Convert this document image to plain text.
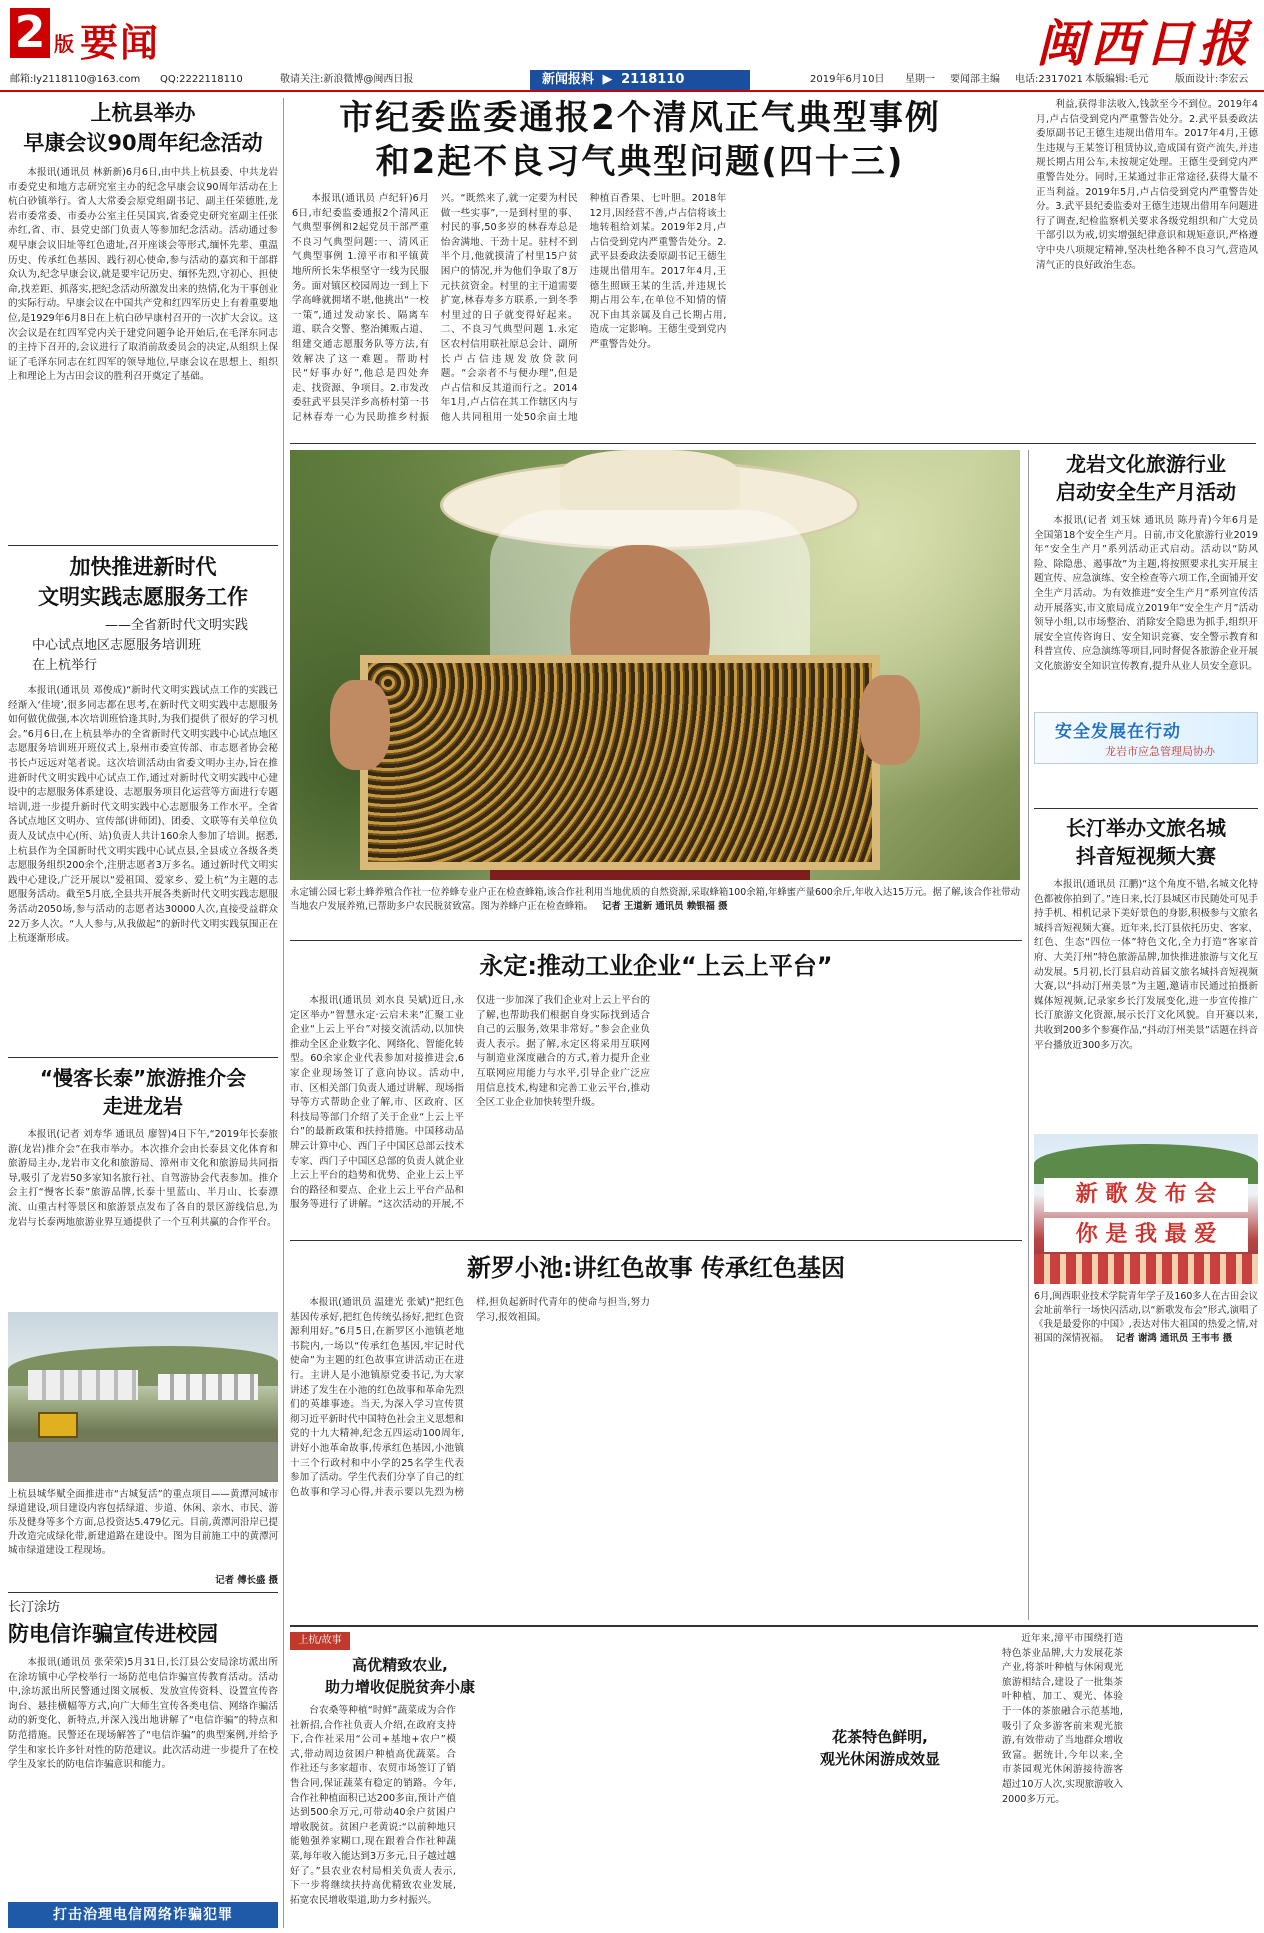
2 版 要闻	闽西日报
邮箱:ly2118110@163.com QQ:2222118110	敬请关注:新浪微博@闽西日报	新闻报料 ▶ 2118110	2019年6月10日 星期一 要闻部主编 电话:2317021 本版编辑:毛元	版面设计:李宏云
上杭县举办
早康会议90周年纪念活动

本报讯(通讯员 林新新)6月6日,由中共上杭县委、中共龙岩市委党史和地方志研究室主办的纪念早康会议90周年活动在上杭白砂镇举行。省人大常委会原党组副书记、副主任荣德胜,龙岩市委常委、市委办公室主任吴国宾,省委党史研究室副主任张赤红,省、市、县党史部门负责人等参加纪念活动。活动通过参观早康会议旧址等红色遗址,召开座谈会等形式,缅怀先辈、重温历史、传承红色基因、践行初心使命,参与活动的嘉宾和干部群众认为,纪念早康会议,就是要牢记历史、缅怀先烈,守初心、担使命,找差距、抓落实,把纪念活动所激发出来的热情,化为干事创业的实际行动。早康会议在中国共产党和红四军历史上有着重要地位,是1929年6月8日在上杭白砂早康村召开的一次扩大会议。这次会议是在红四军党内关于建党问题争论开始后,在毛泽东同志的主持下召开的,会议进行了取消前敌委员会的决定,从组织上保证了毛泽东同志在红四军的领导地位,早康会议在思想上、组织上和理论上为古田会议的胜利召开奠定了基础。

加快推进新时代
文明实践志愿服务工作
——全省新时代文明实践
中心试点地区志愿服务培训班
在上杭举行

本报讯(通讯员 邓俊成)“新时代文明实践试点工作的实践已经渐入‘佳境’,很多同志都在思考,在新时代文明实践中志愿服务如何做优做强,本次培训班恰逢其时,为我们提供了很好的学习机会。”6月6日,在上杭县举办的全省新时代文明实践中心试点地区志愿服务培训班开班仪式上,泉州市委宣传部、市志愿者协会秘书长卢远远对笔者说。这次培训活动由省委文明办主办,旨在推进新时代文明实践中心试点工作,通过对新时代文明实践中心建设中的志愿服务体系建设、志愿服务项目化运营等方面进行专题培训,进一步提升新时代文明实践中心志愿服务工作水平。全省各试点地区文明办、宣传部(讲师团)、团委、文联等有关单位负责人及试点中心(所、站)负责人共计160余人参加了培训。据悉,上杭县作为全国新时代文明实践中心试点县,全县成立各级各类志愿服务组织200余个,注册志愿者3万多名。通过新时代文明实践中心建设,广泛开展以“爱祖国、爱家乡、爱上杭”为主题的志愿服务活动。截至5月底,全县共开展各类新时代文明实践志愿服务活动2050场,参与活动的志愿者达30000人次,直接受益群众22万多人次。“人人参与,从我做起”的新时代文明实践氛围正在上杭逐渐形成。

“慢客长泰”旅游推介会
走进龙岩

本报讯(记者 刘寿华 通讯员 廖智)4日下午,“2019年长泰旅游(龙岩)推介会”在我市举办。本次推介会由长泰县文化体育和旅游局主办,龙岩市文化和旅游局、漳州市文化和旅游局共同指导,吸引了龙岩50多家知名旅行社、自驾游协会代表参加。推介会主打“慢客长泰”旅游品牌,长泰十里蓝山、半月山、长泰漂流、山重古村等景区和旅游景点发布了各自的景区游线信息,为龙岩与长泰两地旅游业界互通提供了一个互利共赢的合作平台。

上杭县城华赋全面推进市“古城复活”的重点项目——黄潭河城市绿道建设,项目建设内容包括绿道、步道、休闲、亲水、市民、游乐及健身等多个方面,总投资达5.479亿元。目前,黄潭河沿岸已提升改造完成绿化带,新建道路在建设中。图为目前施工中的黄潭河城市绿道建设工程现场。
记者 傅长盛 摄
长汀涂坊
防电信诈骗宣传进校园

本报讯(通讯员 张荣荣)5月31日,长汀县公安局涂坊派出所在涂坊镇中心学校举行一场防范电信诈骗宣传教育活动。活动中,涂坊派出所民警通过图文展板、发放宣传资料、设置宣传咨询台、悬挂横幅等方式,向广大师生宣传各类电信、网络诈骗活动的新变化、新特点,并深入浅出地讲解了“电信诈骗”的特点和防范措施。民警还在现场解答了“电信诈骗”的典型案例,并给予学生和家长许多针对性的防范建议。此次活动进一步提升了在校学生及家长的防电信诈骗意识和能力。

打击治理电信网络诈骗犯罪
市纪委监委通报2个清风正气典型事例
和2起不良习气典型问题(四十三)

本报讯(通讯员 卢纪轩)6月6日,市纪委监委通报2个清风正气典型事例和2起党员干部严重不良习气典型问题:一、清风正气典型事例 1.漳平市和平镇黄地所所长朱华根坚守一线为民服务。面对镇区校园周边一到上下学高峰就拥堵不堪,他挑出“一校一策”,通过发动家长、隔离车道、联合交警、整治摊贩占道、组建交通志愿服务队等方法,有效解决了这一难题。帮助村民“好事办好”,他总是四处奔走、找资源、争项目。2.市发改委驻武平县吴洋乡高桥村第一书记林春寿一心为民助推乡村振兴。“既然来了,就一定要为村民做一些实事”,一是到村里的事、村民的事,50多岁的林春寿总是怡舍满地、干劲十足。驻村不到半个月,他就摸清了村里15户贫困户的情况,并为他们争取了8万元扶贫资金。村里的主干道需要扩宽,林春寿多方联系,一到冬季村里过的日子就变得好起来。二、不良习气典型问题 1.永定区农村信用联社原总会计、副所长卢占信违规发放贷款问题。“会亲者不与便办理”,但是卢占信和反其道而行之。2014年1月,卢占信在其工作辖区内与他人共同租用一处50余亩土地种植百香果、七叶胆。2018年12月,因经营不善,卢占信将该土地转租给刘某。2019年2月,卢占信受到党内严重警告处分。2.武平县委政法委原副书记王德生违规出借用车。2017年4月,王德生照顾王某的生活,并违规长期占用公车,在单位不知情的情况下由其亲属及自己长期占用,造成一定影响。王德生受到党内严重警告处分。

利益,获得非法收入,钱款至今不到位。2019年4月,卢占信受到党内严重警告处分。2.武平县委政法委原副书记王德生违规出借用车。2017年4月,王德生违规与王某签订租赁协议,造成国有资产流失,并违规长期占用公车,未按规定处理。王德生受到党内严重警告处分。同时,王某通过非正常途径,获得大量不正当利益。2019年5月,卢占信受到党内严重警告处分。3.武平县纪委监委对王德生违规出借用车问题进行了调查,纪检监察机关要求各级党组织和广大党员干部引以为戒,切实增强纪律意识和规矩意识,严格遵守中央八项规定精神,坚决杜绝各种不良习气,营造风清气正的良好政治生态。

永定铺公园七彩土蜂养殖合作社一位养蜂专业户正在检查蜂箱,该合作社利用当地优质的自然资源,采取蜂箱100余箱,年蜂蜜产量600余斤,年收入达15万元。据了解,该合作社带动当地农户发展养殖,已帮助多户农民脱贫致富。图为养蜂户正在检查蜂箱。 记者 王道新 通讯员 赖银福 摄
龙岩文化旅游行业
启动安全生产月活动

本报讯(记者 刘玉妹 通讯员 陈丹青)今年6月是全国第18个安全生产月。日前,市文化旅游行业2019年“安全生产月”系列活动正式启动。活动以“防风险、除隐患、遏事故”为主题,将按照要求扎实开展主题宣传、应急演练、安全检查等六项工作,全面铺开安全生产月活动。为有效推进“安全生产月”系列宣传活动开展落实,市文旅局成立2019年“安全生产月”活动领导小组,以市场整治、消除安全隐患为抓手,组织开展安全宣传咨询日、安全知识竞赛、安全警示教育和科普宣传、应急演练等项目,同时督促各旅游企业开展文化旅游安全知识宣传教育,提升从业人员安全意识。

安全发展在行动
龙岩市应急管理局协办
长汀举办文旅名城
抖音短视频大赛

本报讯(通讯员 江鹏)“这个角度不错,名城文化特色都被你拍到了。”连日来,长汀县城区市民随处可见手持手机、相机记录下美好景色的身影,积极参与文旅名城抖音短视频大赛。近年来,长汀县依托历史、客家、红色、生态“四位一体”特色文化,全力打造“客家首府、大美汀州”特色旅游品牌,加快推进旅游与文化互动发展。5月初,长汀县启动首届文旅名城抖音短视频大赛,以“抖动汀州美景”为主题,邀请市民通过拍摄新媒体短视频,记录家乡长汀发展变化,进一步宣传推广长汀旅游文化资源,展示长汀文化风貌。自开赛以来,共收到200多个参赛作品,“抖动汀州美景”话题在抖音平台播放近300多万次。

新 歌 发 布 会
你 是 我 最 爱
6月,闽西职业技术学院青年学子及160多人在古田会议会址前举行一场快闪活动,以“新歌发布会”形式,演唱了《我是最爱你的中国》,表达对伟大祖国的热爱之情,对祖国的深情祝福。 记者 谢鸿 通讯员 王韦韦 摄
永定:推动工业企业“上云上平台”

本报讯(通讯员 刘水良 吴斌)近日,永定区举办“智慧永定·云启未来”汇聚工业企业“上云上平台”对接交流活动,以加快推动全区企业数字化、网络化、智能化转型。60余家企业代表参加对接推进会,6家企业现场签订了意向协议。活动中,市、区相关部门负责人通过讲解、现场指导等方式帮助企业了解,市、区政府、区科技局等部门介绍了关于企业“上云上平台”的最新政策和扶持措施。中国移动品牌云计算中心、西门子中国区总部云技术专家、西门子中国区总部的负责人就企业上云上平台的趋势和优势、企业上云上平台的路径和要点、企业上云上平台产品和服务等进行了讲解。“这次活动的开展,不仅进一步加深了我们企业对上云上平台的了解,也帮助我们根据自身实际找到适合自己的云服务,效果非常好。”参会企业负责人表示。据了解,永定区将采用互联网与制造业深度融合的方式,着力提升企业互联网应用能力与水平,引导企业广泛应用信息技术,构建和完善工业云平台,推动全区工业企业加快转型升级。

新罗小池:讲红色故事 传承红色基因

本报讯(通讯员 温建光 张斌)“把红色基因传承好,把红色传统弘扬好,把红色资源利用好。”6月5日,在新罗区小池镇老地书院内,一场以“传承红色基因,牢记时代使命”为主题的红色故事宣讲活动正在进行。主讲人是小池镇原党委书记,为大家讲述了发生在小池的红色故事和革命先烈们的英雄事迹。当天,为深入学习宣传贯彻习近平新时代中国特色社会主义思想和党的十九大精神,纪念五四运动100周年,讲好小池革命故事,传承红色基因,小池镇十三个行政村和中小学的25名学生代表参加了活动。学生代表们分享了自己的红色故事和学习心得,并表示要以先烈为榜样,担负起新时代青年的使命与担当,努力学习,报效祖国。

上杭/故事
高优精致农业,
助力增收促脱贫奔小康

台农桑等种植“时鲜”蔬菜成为合作社新招,合作社负责人介绍,在政府支持下,合作社采用“公司+基地+农户”模式,带动周边贫困户种植高优蔬菜。合作社还与多家超市、农贸市场签订了销售合同,保证蔬菜有稳定的销路。今年,合作社种植面积已达200多亩,预计产值达到500余万元,可带动40余户贫困户增收脱贫。贫困户老黄说:“以前种地只能勉强养家糊口,现在跟着合作社种蔬菜,每年收入能达到3万多元,日子越过越好了。”县农业农村局相关负责人表示,下一步将继续扶持高优精致农业发展,拓宽农民增收渠道,助力乡村振兴。

花茶特色鲜明,
观光休闲游成效显

近年来,漳平市围绕打造特色茶业品牌,大力发展花茶产业,将茶叶种植与休闲观光旅游相结合,建设了一批集茶叶种植、加工、观光、体验于一体的茶旅融合示范基地,吸引了众多游客前来观光旅游,有效带动了当地群众增收致富。据统计,今年以来,全市茶园观光休闲游接待游客超过10万人次,实现旅游收入2000多万元。
